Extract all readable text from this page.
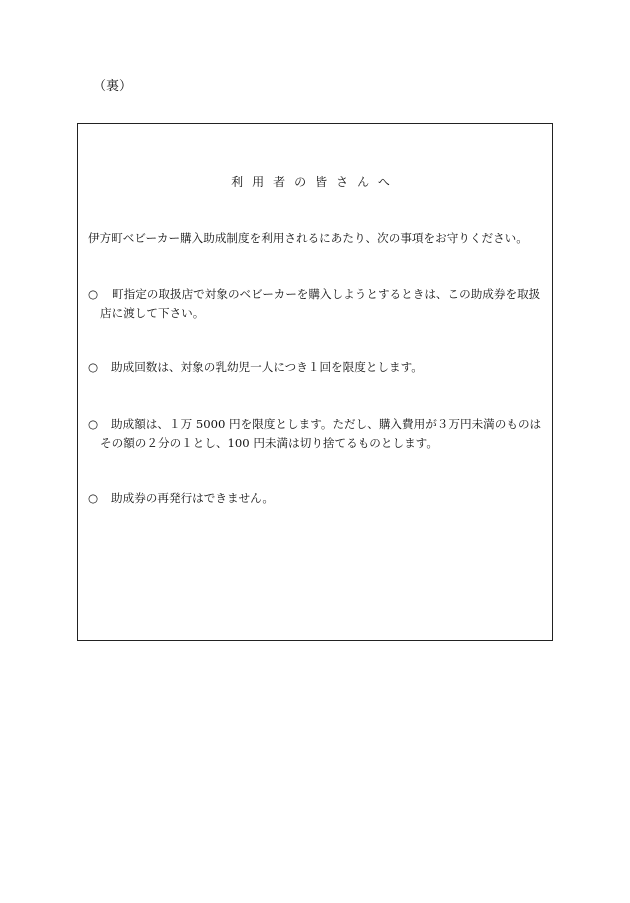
（裏）
利用者の皆さんへ
伊方町ベビーカー購入助成制度を利用されるにあたり、次の事項をお守りください。
○ 町指定の取扱店で対象のベビーカーを購入しようとするときは、この助成券を取扱
店に渡して下さい。
○ 助成回数は、対象の乳幼児一人につき１回を限度とします。
○ 助成額は、１万 5000 円を限度とします。ただし、購入費用が３万円未満のものは
その額の２分の１とし、100 円未満は切り捨てるものとします。
○ 助成券の再発行はできません。
